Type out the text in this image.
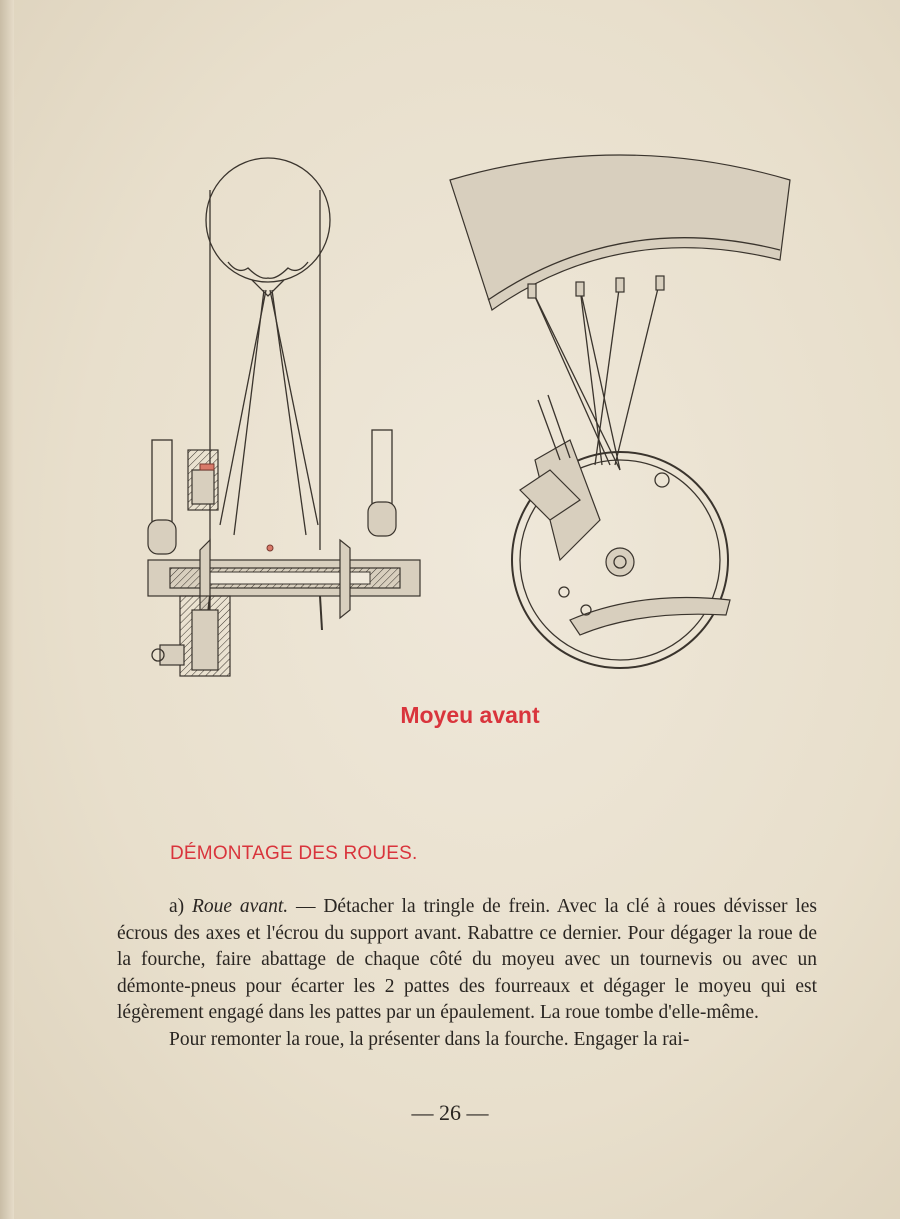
Moyeu avant
DÉMONTAGE DES ROUES.

a) Roue avant. — Détacher la tringle de frein. Avec la clé à roues dévisser les écrous des axes et l'écrou du support avant. Rabattre ce dernier. Pour dégager la roue de la fourche, faire abattage de chaque côté du moyeu avec un tournevis ou avec un démonte-pneus pour écarter les 2 pattes des fourreaux et dégager le moyeu qui est légèrement engagé dans les pattes par un épaulement. La roue tombe d'elle-même.

Pour remonter la roue, la présenter dans la fourche. Engager la rai-

— 26 —
